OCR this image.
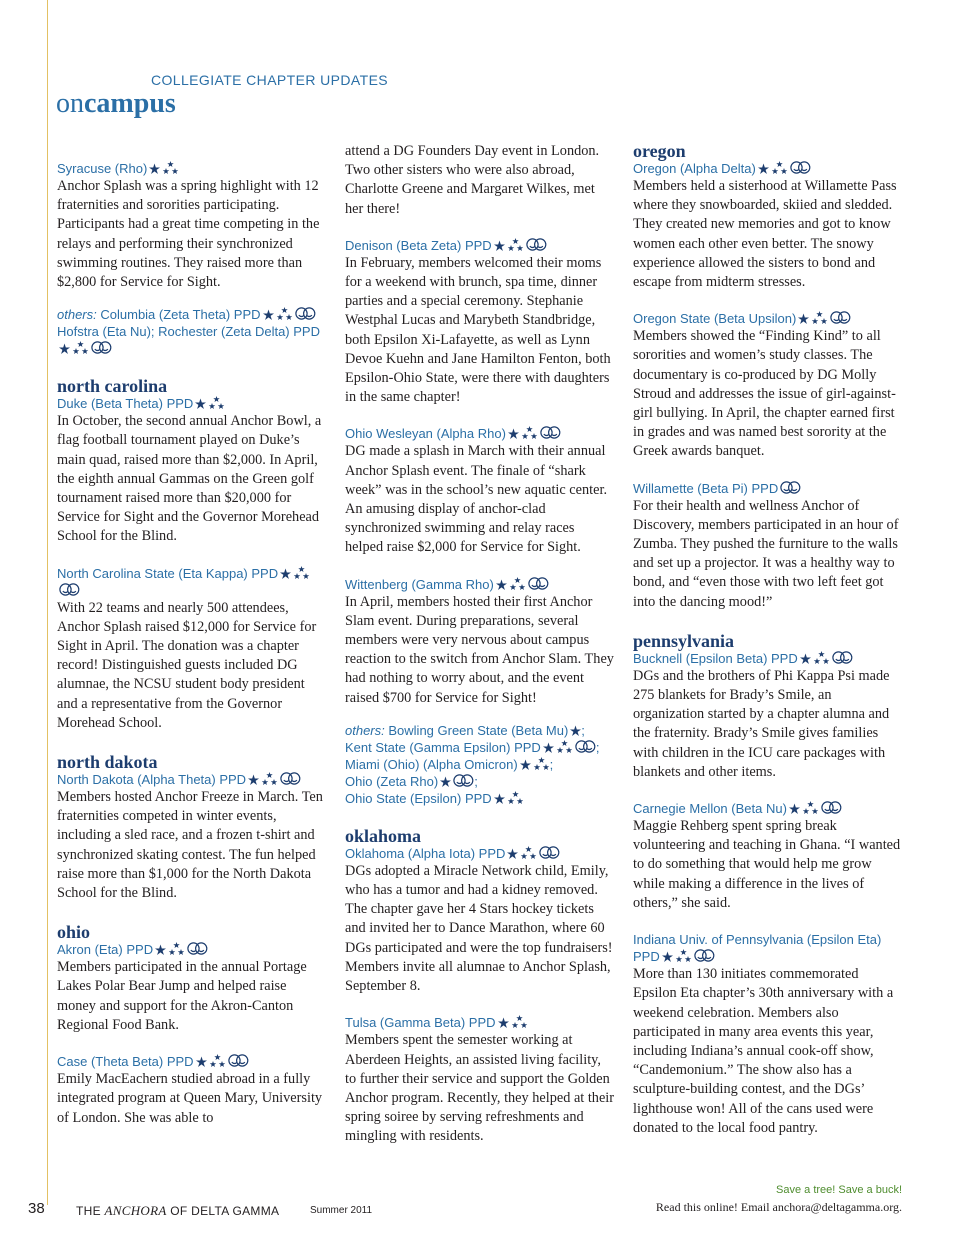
COLLEGIATE CHAPTER UPDATES
oncampus
Syracuse (Rho)

Anchor Splash was a spring highlight with 12 fraternities and sororities participating. Participants had a great time competing in the relays and performing their synchronized swimming routines. They raised more than $2,800 for Service for Sight.

others: Columbia (Zeta Theta) PPD
Hofstra (Eta Nu); Rochester (Zeta Delta) PPD
north carolina
Duke (Beta Theta) PPD

In October, the second annual Anchor Bowl, a flag football tournament played on Duke’s main quad, raised more than $2,000. In April, the eighth annual Gammas on the Green golf tournament raised more than $20,000 for Service for Sight and the Governor Morehead School for the Blind.

North Carolina State (Eta Kappa) PPD

With 22 teams and nearly 500 attendees, Anchor Splash raised $12,000 for Service for Sight in April. The donation was a chapter record! Distinguished guests included DG alumnae, the NCSU student body president and a representative from the Governor Morehead School.

north dakota
North Dakota (Alpha Theta) PPD

Members hosted Anchor Freeze in March. Ten fraternities competed in winter events, including a sled race, and a frozen t-shirt and synchronized skating contest. The fun helped raise more than $1,000 for the North Dakota School for the Blind.

ohio
Akron (Eta) PPD

Members participated in the annual Portage Lakes Polar Bear Jump and helped raise money and support for the Akron-Canton Regional Food Bank.

Case (Theta Beta) PPD

Emily MacEachern studied abroad in a fully integrated program at Queen Mary, University of London. She was able to

attend a DG Founders Day event in London. Two other sisters who were also abroad, Charlotte Greene and Margaret Wilkes, met her there!

Denison (Beta Zeta) PPD

In February, members welcomed their moms for a weekend with brunch, spa time, dinner parties and a special ceremony. Stephanie Westphal Lucas and Marybeth Standbridge, both Epsilon Xi-Lafayette, as well as Lynn Devoe Kuehn and Jane Hamilton Fenton, both Epsilon-Ohio State, were there with daughters in the same chapter!

Ohio Wesleyan (Alpha Rho)

DG made a splash in March with their annual Anchor Splash event. The finale of “shark week” was in the school’s new aquatic center. An amusing display of anchor-clad synchronized swimming and relay races helped raise $2,000 for Service for Sight.

Wittenberg (Gamma Rho)

In April, members hosted their first Anchor Slam event. During preparations, several members were very nervous about campus reaction to the switch from Anchor Slam. They had nothing to worry about, and the event raised $700 for Service for Sight!

others: Bowling Green State (Beta Mu) ;
Kent State (Gamma Epsilon) PPD	;
Miami (Ohio) (Alpha Omicron) ;
Ohio (Zeta Rho)	;
Ohio State (Epsilon) PPD
oklahoma
Oklahoma (Alpha Iota) PPD

DGs adopted a Miracle Network child, Emily, who has a tumor and had a kidney removed. The chapter gave her 4 Stars hockey tickets and invited her to Dance Marathon, where 60 DGs participated and were the top fundraisers! Members invite all alumnae to Anchor Splash, September 8.

Tulsa (Gamma Beta) PPD

Members spent the semester working at Aberdeen Heights, an assisted living facility, to further their service and support the Golden Anchor program. Recently, they helped at their spring soiree by serving refreshments and mingling with residents.

oregon
Oregon (Alpha Delta)

Members held a sisterhood at Willamette Pass where they snowboarded, skiied and sledded. They created new memories and got to know women each other even better. The snowy experience allowed the sisters to bond and escape from midterm stresses.

Oregon State (Beta Upsilon)

Members showed the “Finding Kind” to all sororities and women’s study classes. The documentary is co-produced by DG Molly Stroud and addresses the issue of girl-against-girl bullying. In April, the chapter earned first in grades and was named best sorority at the Greek awards banquet.

Willamette (Beta Pi) PPD

For their health and wellness Anchor of Discovery, members participated in an hour of Zumba. They pushed the furniture to the walls and set up a projector. It was a healthy way to bond, and “even those with two left feet got into the dancing mood!”

pennsylvania
Bucknell (Epsilon Beta) PPD

DGs and the brothers of Phi Kappa Psi made 275 blankets for Brady’s Smile, an organization started by a chapter alumna and the fraternity. Brady’s Smile gives families with children in the ICU care packages with blankets and other items.

Carnegie Mellon (Beta Nu)

Maggie Rehberg spent spring break volunteering and teaching in Ghana. “I wanted to do something that would help me grow while making a difference in the lives of others,” she said.

Indiana Univ. of Pennsylvania (Epsilon Eta) PPD

More than 130 initiates commemorated Epsilon Eta chapter’s 30th anniversary with a weekend celebration. Members also participated in many area events this year, including Indiana’s annual cook-off show, “Candemonium.” The show also has a sculpture-building contest, and the DGs’ lighthouse won! All of the cans used were donated to the local food pantry.

38	THE ANCHORA OF DELTA GAMMA	Summer 2011
Save a tree! Save a buck!
Read this online! Email anchora@deltagamma.org.
